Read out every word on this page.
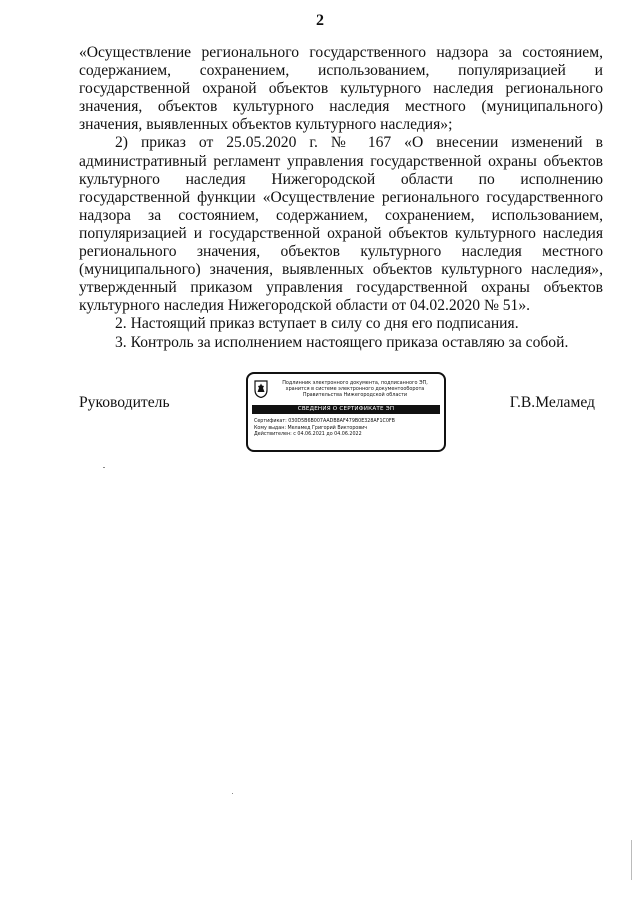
2

«Осуществление регионального государственного надзора за состоянием, содержанием, сохранением, использованием, популяризацией и государственной охраной объектов культурного наследия регионального значения, объектов культурного наследия местного (муниципального) значения, выявленных объектов культурного наследия»;

2) приказ от 25.05.2020 г. № 167 «О внесении изменений в административный регламент управления государственной охраны объектов культурного наследия Нижегородской области по исполнению государственной функции «Осуществление регионального государственного надзора за состоянием, содержанием, сохранением, использованием, популяризацией и государственной охраной объектов культурного наследия регионального значения, объектов культурного наследия местного (муниципального) значения, выявленных объектов культурного наследия», утвержденный приказом управления государственной охраны объектов культурного наследия Нижегородской области от 04.02.2020 № 51».

2. Настоящий приказ вступает в силу со дня его подписания.

3. Контроль за исполнением настоящего приказа оставляю за собой.

Руководитель
Подлинник электронного документа, подписанного ЭП,
хранится в системе электронного документооборота
Правительства Нижегородской области
СВЕДЕНИЯ О СЕРТИФИКАТЕ ЭП
Сертификат: 030D5B6B007AADB8AF479B0E328AF1C0FB
Кому выдан: Меламед Григорий Викторович
Действителен: с 04.06.2021 до 04.06.2022
Г.В.Меламед
